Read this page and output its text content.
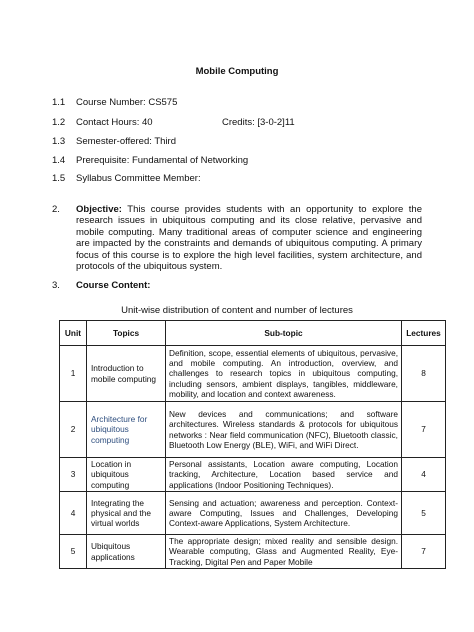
Mobile Computing
1.1 Course Number: CS575
1.2 Contact Hours: 40	Credits: [3-0-2]11
1.3 Semester-offered: Third
1.4 Prerequisite: Fundamental of Networking
1.5 Syllabus Committee Member:
2. Objective: This course provides students with an opportunity to explore the research issues in ubiquitous computing and its close relative, pervasive and mobile computing. Many traditional areas of computer science and engineering are impacted by the constraints and demands of ubiquitous computing. A primary focus of this course is to explore the high level facilities, system architecture, and protocols of the ubiquitous system.
3. Course Content:
Unit-wise distribution of content and number of lectures
Unit	Topics	Sub-topic	Lectures
1	Introduction to mobile computing	Definition, scope, essential elements of ubiquitous, pervasive, and mobile computing. An introduction, overview, and challenges to research topics in ubiquitous computing, including sensors, ambient displays, tangibles, middleware, mobility, and location and context awareness.	8
2	Architecture for ubiquitous computing	New devices and communications; and software architectures. Wireless standards & protocols for ubiquitous networks : Near field communication (NFC), Bluetooth classic, Bluetooth Low Energy (BLE), WiFi, and WiFi Direct.	7
3	Location in ubiquitous computing	Personal assistants, Location aware computing, Location tracking, Architecture, Location based service and applications (Indoor Positioning Techniques).	4
4	Integrating the physical and the virtual worlds	Sensing and actuation; awareness and perception. Context-aware Computing, Issues and Challenges, Developing Context-aware Applications, System Architecture.	5
5	Ubiquitous applications	The appropriate design; mixed reality and sensible design. Wearable computing, Glass and Augmented Reality, Eye-Tracking, Digital Pen and Paper Mobile	7
